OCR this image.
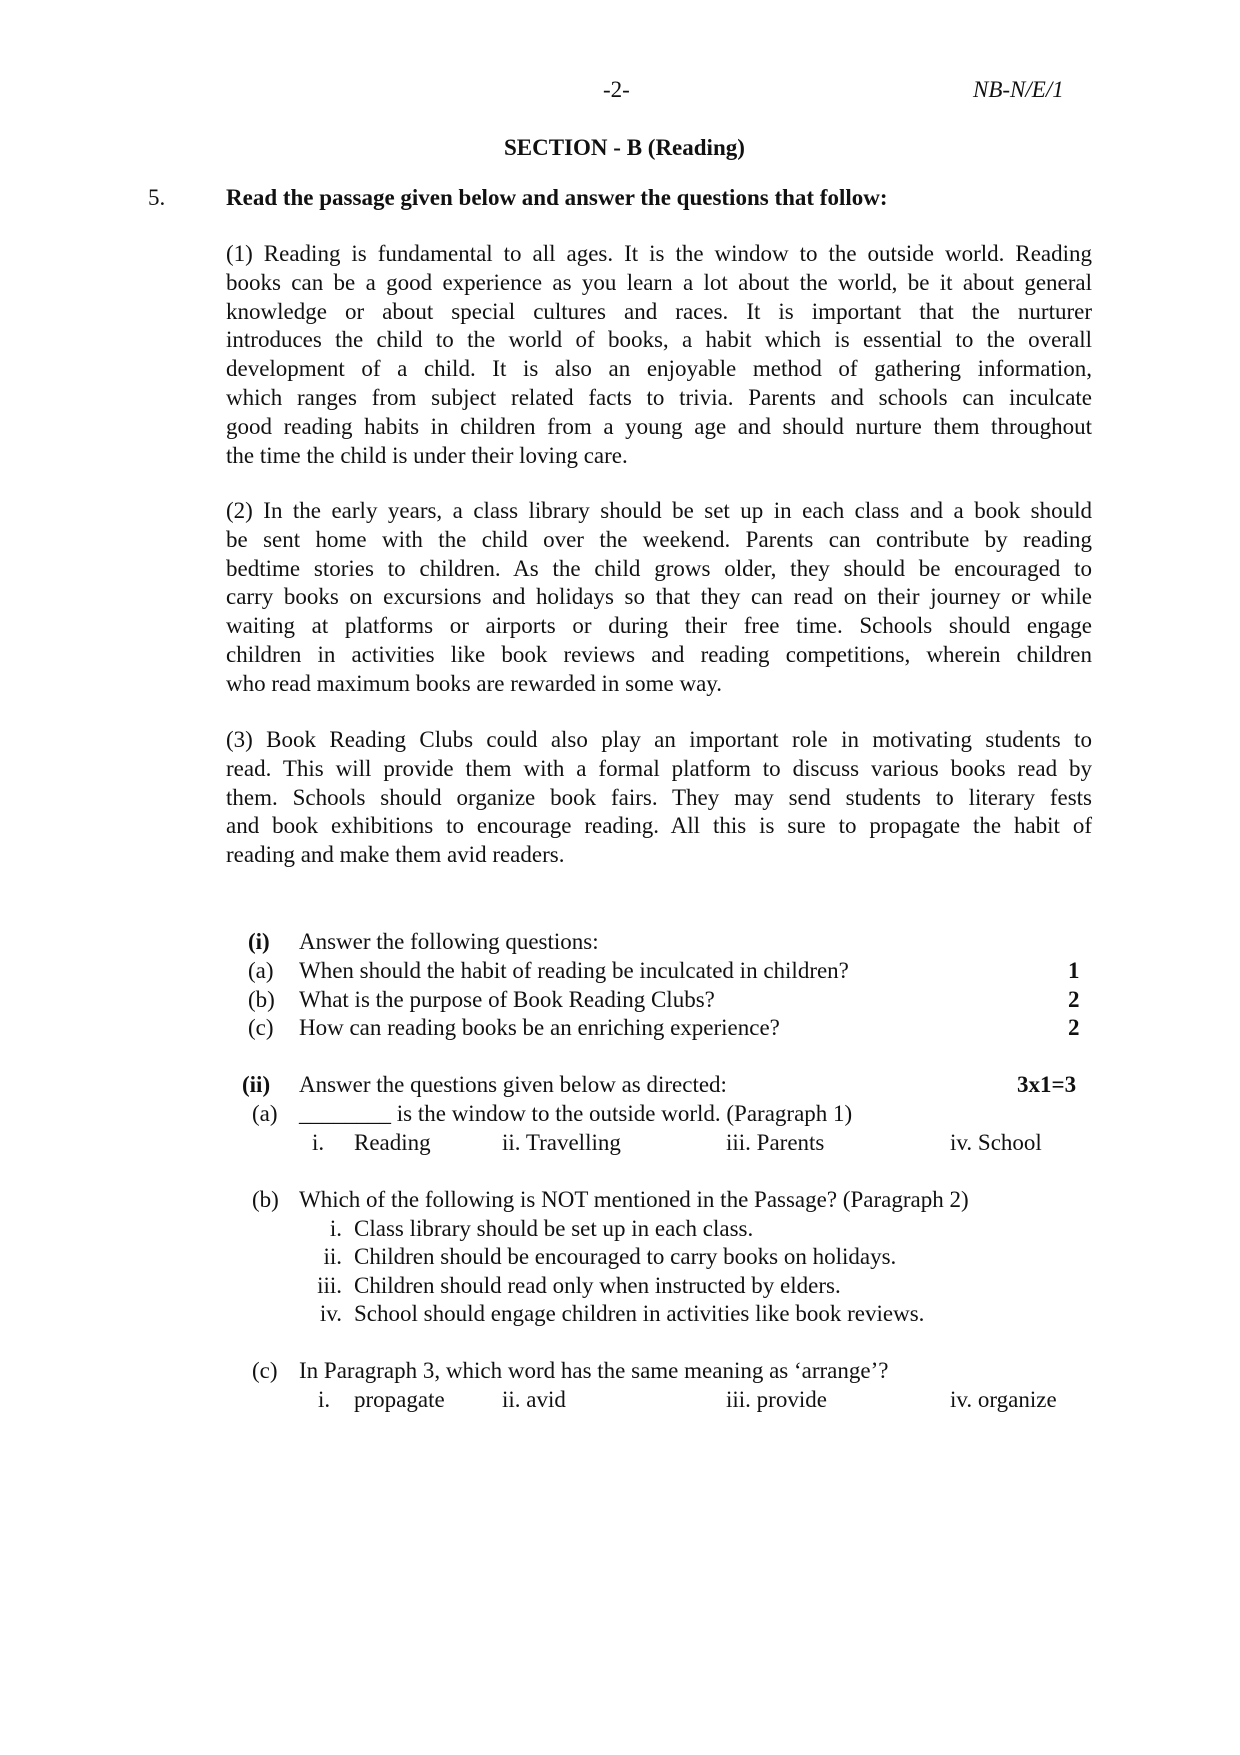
-2-	NB-N/E/1
SECTION - B (Reading)
5.	Read the passage given below and answer the questions that follow:
(1) Reading is fundamental to all ages. It is the window to the outside world. Reading
books can be a good experience as you learn a lot about the world, be it about general
knowledge or about special cultures and races. It is important that the nurturer
introduces the child to the world of books, a habit which is essential to the overall
development of a child. It is also an enjoyable method of gathering information,
which ranges from subject related facts to trivia. Parents and schools can inculcate
good reading habits in children from a young age and should nurture them throughout
the time the child is under their loving care.
(2) In the early years, a class library should be set up in each class and a book should
be sent home with the child over the weekend. Parents can contribute by reading
bedtime stories to children. As the child grows older, they should be encouraged to
carry books on excursions and holidays so that they can read on their journey or while
waiting at platforms or airports or during their free time. Schools should engage
children in activities like book reviews and reading competitions, wherein children
who read maximum books are rewarded in some way.
(3) Book Reading Clubs could also play an important role in motivating students to
read. This will provide them with a formal platform to discuss various books read by
them. Schools should organize book fairs. They may send students to literary fests
and book exhibitions to encourage reading. All this is sure to propagate the habit of
reading and make them avid readers.
(i) Answer the following questions:
(a) When should the habit of reading be inculcated in children?	1
(b) What is the purpose of Book Reading Clubs?	2
(c) How can reading books be an enriching experience?	2
(ii) Answer the questions given below as directed:	3x1=3
(a) ________ is the window to the outside world. (Paragraph 1)
i. Reading	ii. Travelling	iii. Parents	iv. School
(b) Which of the following is NOT mentioned in the Passage? (Paragraph 2)
i. Class library should be set up in each class.
ii. Children should be encouraged to carry books on holidays.
iii. Children should read only when instructed by elders.
iv. School should engage children in activities like book reviews.
(c) In Paragraph 3, which word has the same meaning as ‘arrange’?
i. propagate ii. avid	iii. provide	iv. organize
